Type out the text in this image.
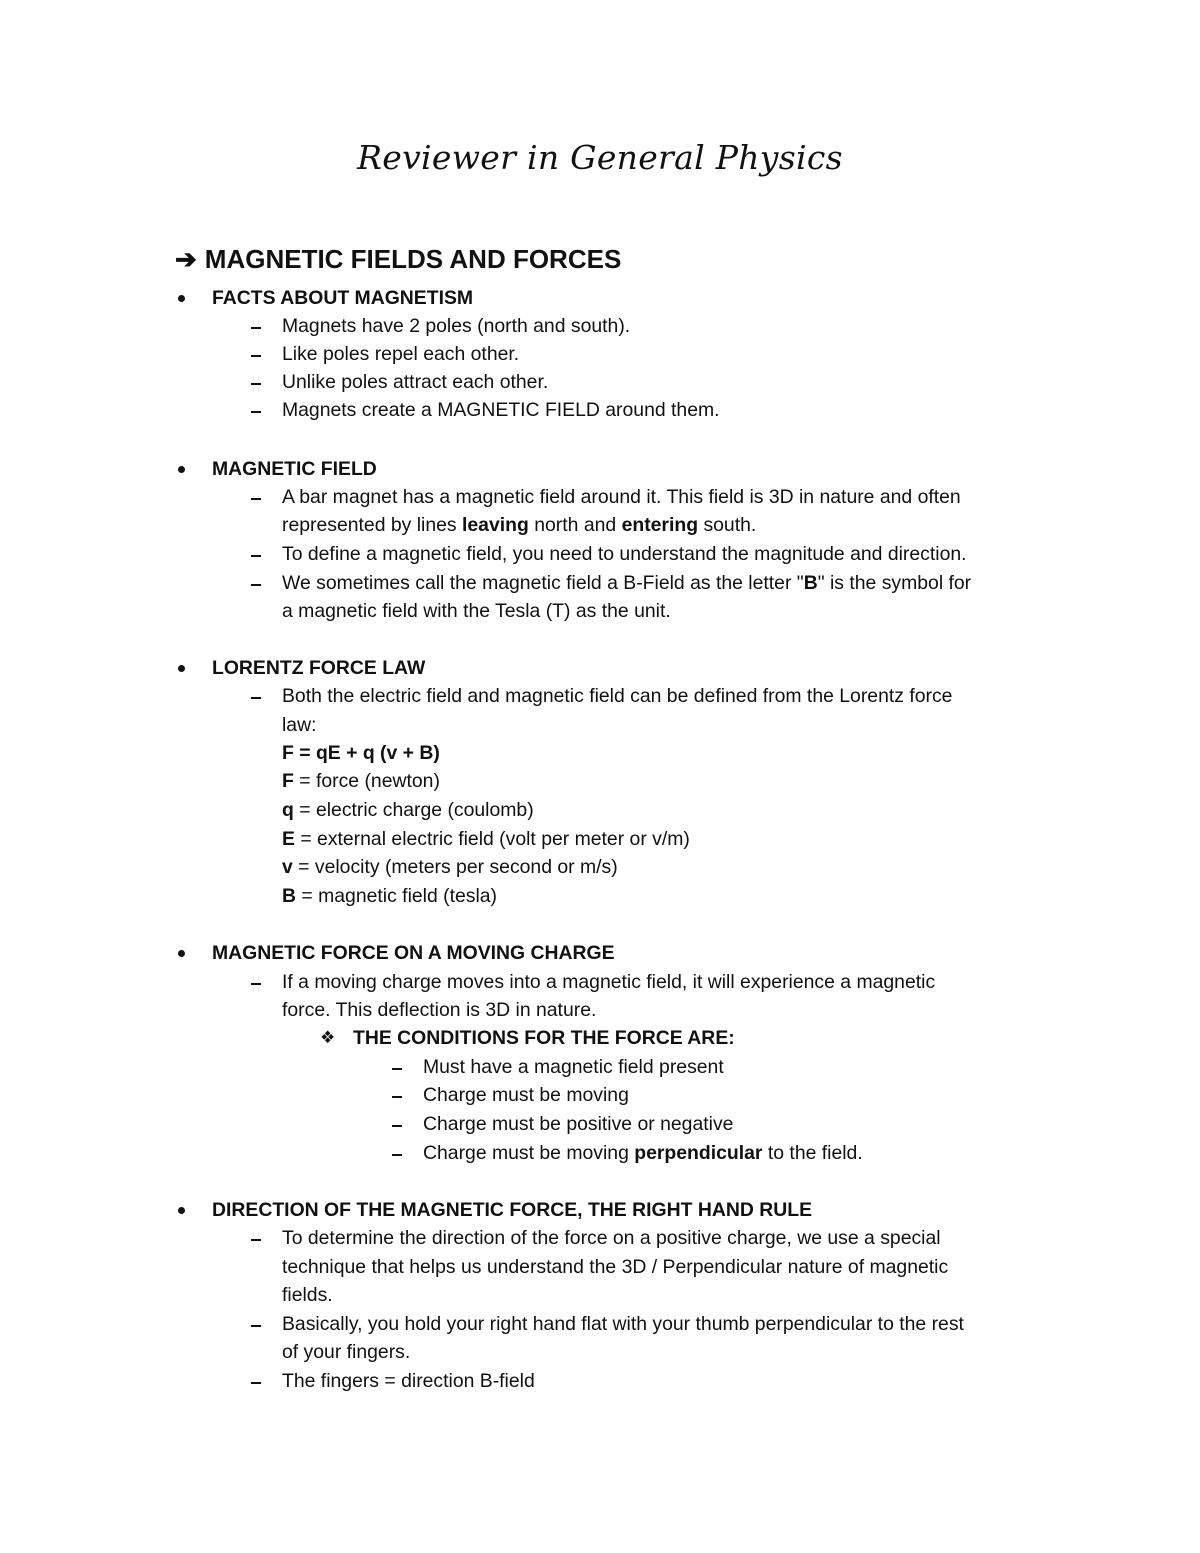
Reviewer in General Physics
➔ MAGNETIC FIELDS AND FORCES
FACTS ABOUT MAGNETISM
Magnets have 2 poles (north and south).
Like poles repel each other.
Unlike poles attract each other.
Magnets create a MAGNETIC FIELD around them.
MAGNETIC FIELD
A bar magnet has a magnetic field around it. This field is 3D in nature and often
represented by lines leaving north and entering south.
To define a magnetic field, you need to understand the magnitude and direction.
We sometimes call the magnetic field a B-Field as the letter "B" is the symbol for
a magnetic field with the Tesla (T) as the unit.
LORENTZ FORCE LAW
Both the electric field and magnetic field can be defined from the Lorentz force
law:
F = qE + q (v + B)
F = force (newton)
q = electric charge (coulomb)
E = external electric field (volt per meter or v/m)
v = velocity (meters per second or m/s)
B = magnetic field (tesla)
MAGNETIC FORCE ON A MOVING CHARGE
If a moving charge moves into a magnetic field, it will experience a magnetic
force. This deflection is 3D in nature.
❖ THE CONDITIONS FOR THE FORCE ARE:
Must have a magnetic field present
Charge must be moving
Charge must be positive or negative
Charge must be moving perpendicular to the field.
DIRECTION OF THE MAGNETIC FORCE, THE RIGHT HAND RULE
To determine the direction of the force on a positive charge, we use a special
technique that helps us understand the 3D / Perpendicular nature of magnetic
fields.
Basically, you hold your right hand flat with your thumb perpendicular to the rest
of your fingers.
The fingers = direction B-field
